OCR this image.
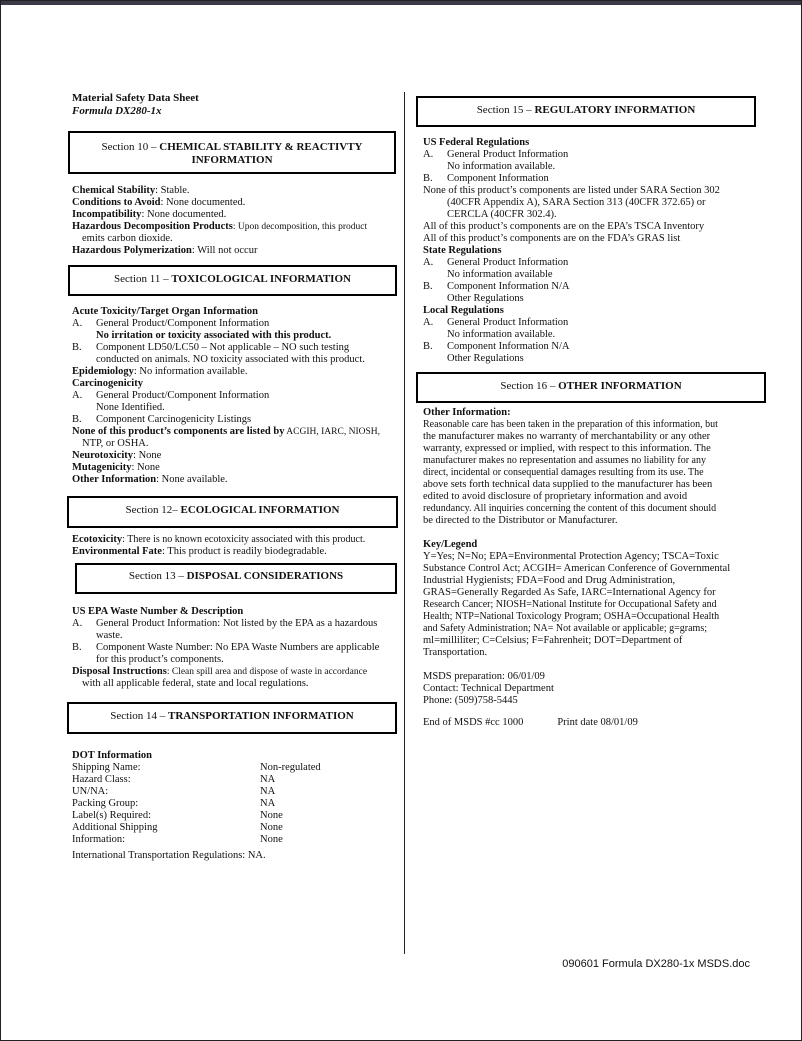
Material Safety Data Sheet
Formula DX280-1x
Section 10 – CHEMICAL STABILITY & REACTIVTY
INFORMATION
Chemical Stability: Stable.
Conditions to Avoid: None documented.
Incompatibility: None documented.
Hazardous Decomposition Products: Upon decomposition, this product
emits carbon dioxide.
Hazardous Polymerization: Will not occur
Section 11 – TOXICOLOGICAL INFORMATION
Acute Toxicity/Target Organ Information
A. General Product/Component Information
No irritation or toxicity associated with this product.
B. Component LD50/LC50 – Not applicable – NO such testing
conducted on animals. NO toxicity associated with this product.
Epidemiology: No information available.
Carcinogenicity
A. General Product/Component Information
None Identified.
B. Component Carcinogenicity Listings
None of this product’s components are listed by ACGIH, IARC, NIOSH,
NTP, or OSHA.
Neurotoxicity: None
Mutagenicity: None
Other Information: None available.
Section 12– ECOLOGICAL INFORMATION
Ecotoxicity: There is no known ecotoxicity associated with this product.
Environmental Fate: This product is readily biodegradable.
Section 13 – DISPOSAL CONSIDERATIONS
US EPA Waste Number & Description
A. General Product Information: Not listed by the EPA as a hazardous
waste.
B. Component Waste Number: No EPA Waste Numbers are applicable
for this product’s components.
Disposal Instructions: Clean spill area and dispose of waste in accordance
with all applicable federal, state and local regulations.
Section 14 – TRANSPORTATION INFORMATION
DOT Information
Shipping Name:	Non-regulated
Hazard Class:	NA
UN/NA:	NA
Packing Group:	NA
Label(s) Required:	None
Additional Shipping	None
Information:	None
International Transportation Regulations: NA.
Section 15 – REGULATORY INFORMATION
US Federal Regulations
A. General Product Information
No information available.
B. Component Information
None of this product’s components are listed under SARA Section 302
(40CFR Appendix A), SARA Section 313 (40CFR 372.65) or
CERCLA (40CFR 302.4).
All of this product’s components are on the EPA’s TSCA Inventory
All of this product’s components are on the FDA’s GRAS list
State Regulations
A. General Product Information
No information available
B. Component Information N/A
Other Regulations
Local Regulations
A. General Product Information
No information available.
B. Component Information N/A
Other Regulations
Section 16 – OTHER INFORMATION
Other Information:
Reasonable care has been taken in the preparation of this information, but
the manufacturer makes no warranty of merchantability or any other
warranty, expressed or implied, with respect to this information. The
manufacturer makes no representation and assumes no liability for any
direct, incidental or consequential damages resulting from its use. The
above sets forth technical data supplied to the manufacturer has been
edited to avoid disclosure of proprietary information and avoid
redundancy. All inquiries concerning the content of this document should
be directed to the Distributor or Manufacturer.
Key/Legend
Y=Yes; N=No; EPA=Environmental Protection Agency; TSCA=Toxic
Substance Control Act; ACGIH= American Conference of Governmental
Industrial Hygienists; FDA=Food and Drug Administration,
GRAS=Generally Regarded As Safe, IARC=International Agency for
Research Cancer; NIOSH=National Institute for Occupational Safety and
Health; NTP=National Toxicology Program; OSHA=Occupational Health
and Safety Administration; NA= Not available or applicable; g=grams;
ml=milliliter; C=Celsius; F=Fahrenheit; DOT=Department of
Transportation.
MSDS preparation: 06/01/09
Contact: Technical Department
Phone: (509)758-5445
End of MSDS #cc 1000	Print date 08/01/09
090601 Formula DX280-1x MSDS.doc
